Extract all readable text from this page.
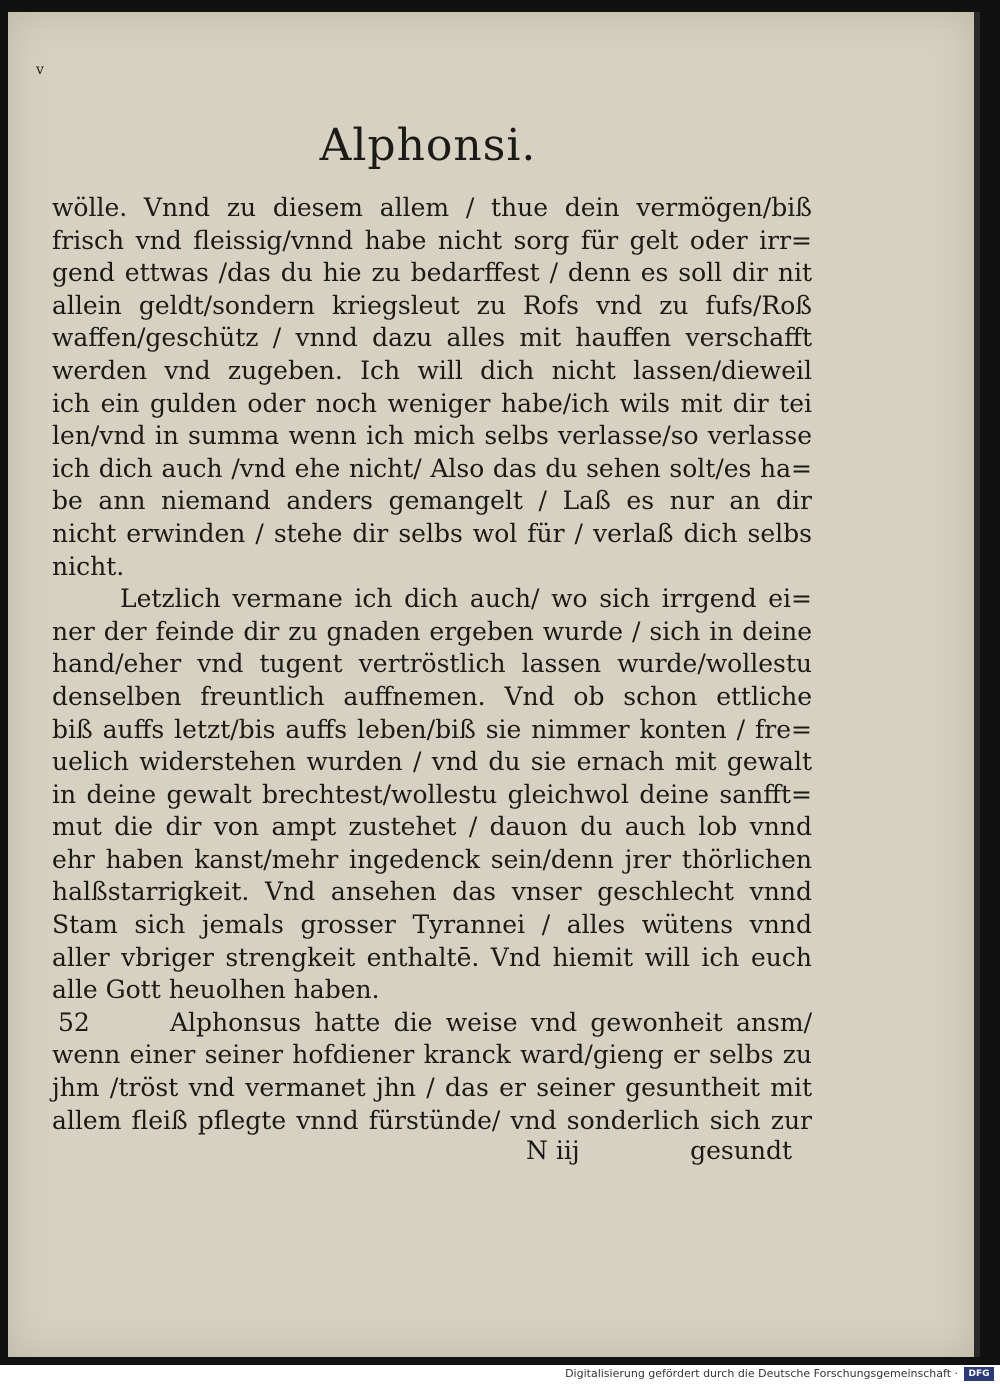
v
Alphonsi.
wölle. Vnnd zu diesem allem / thue dein vermögen/biß
frisch vnd fleissig/vnnd habe nicht sorg für gelt oder irr=
gend ettwas /das du hie zu bedarffest / denn es soll dir nit
allein geldt/sondern kriegsleut zu Rofs vnd zu fufs/Roß
waffen/geschütz / vnnd dazu alles mit hauffen verschafft
werden vnd zugeben. Ich will dich nicht lassen/dieweil
ich ein gulden oder noch weniger habe/ich wils mit dir tei
len/vnd in summa wenn ich mich selbs verlasse/so verlasse
ich dich auch /vnd ehe nicht/ Also das du sehen solt/es ha=
be ann niemand anders gemangelt / Laß es nur an dir
nicht erwinden / stehe dir selbs wol für / verlaß dich selbs
nicht.
Letzlich vermane ich dich auch/ wo sich irrgend ei=
ner der feinde dir zu gnaden ergeben wurde / sich in deine
hand/eher vnd tugent vertröstlich lassen wurde/wollestu
denselben freuntlich auffnemen. Vnd ob schon ettliche
biß auffs letzt/bis auffs leben/biß sie nimmer konten / fre=
uelich widerstehen wurden / vnd du sie ernach mit gewalt
in deine gewalt brechtest/wollestu gleichwol deine sanfft=
mut die dir von ampt zustehet / dauon du auch lob vnnd
ehr haben kanst/mehr ingedenck sein/denn jrer thörlichen
halßstarrigkeit. Vnd ansehen das vnser geschlecht vnnd
Stam sich jemals grosser Tyrannei / alles wütens vnnd
aller vbriger strengkeit enthaltē. Vnd hiemit will ich euch
alle Gott heuolhen haben.
52	Alphonsus hatte die weise vnd gewonheit ansm/
wenn einer seiner hofdiener kranck ward/gieng er selbs zu
jhm /tröst vnd vermanet jhn / das er seiner gesuntheit mit
allem fleiß pflegte vnnd fürstünde/ vnd sonderlich sich zur
N iij	gesundt
Digitalisierung gefördert durch die Deutsche Forschungsgemeinschaft ·	DFG
